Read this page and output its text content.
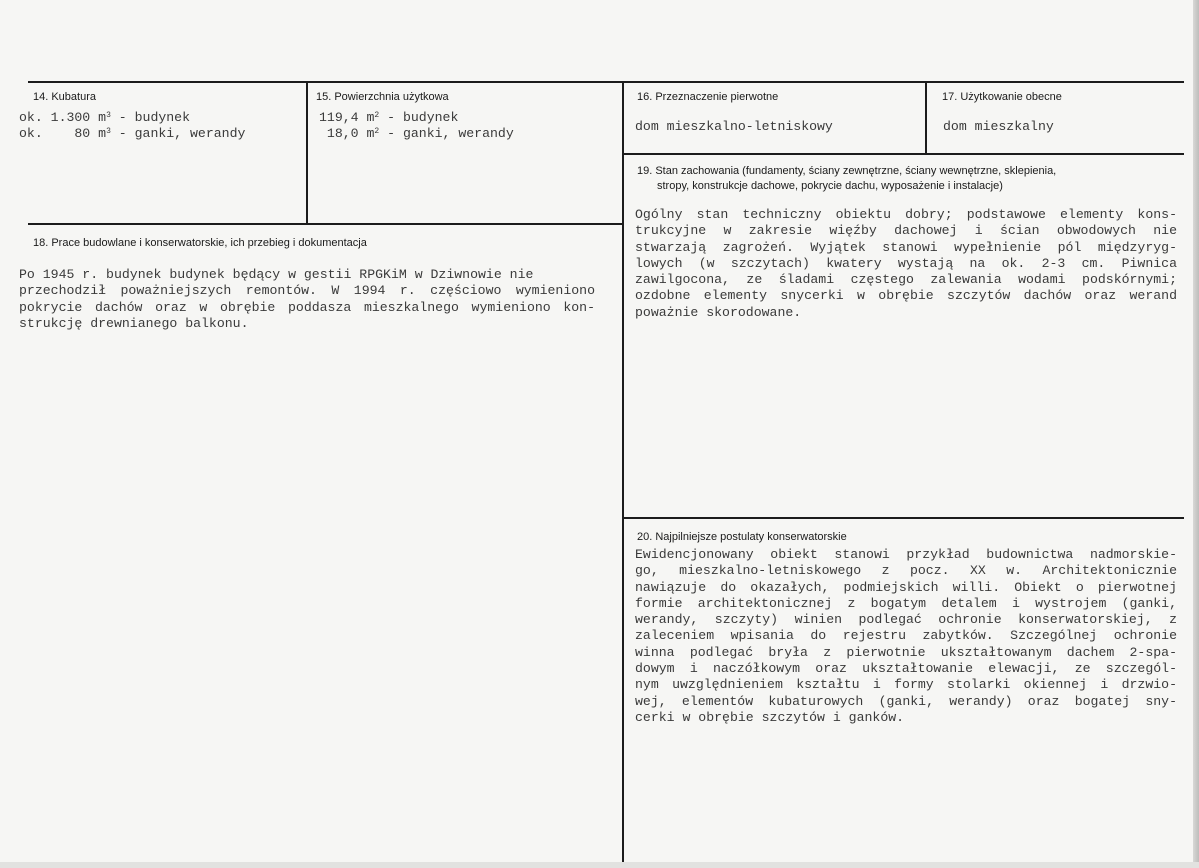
14. Kubatura
ok. 1.300 $m^3$ - budynek
ok.    80 $m^3$ - ganki, werandy
15. Powierzchnia użytkowa
119,4 $m^2$ - budynek
18,0 $m^2$ - ganki, werandy
16. Przeznaczenie pierwotne
dom mieszkalno-letniskowy
17. Użytkowanie obecne
dom mieszkalny
19. Stan zachowania (fundamenty, ściany zewnętrzne, ściany wewnętrzne, sklepienia,
stropy, konstrukcje dachowe, pokrycie dachu, wyposażenie i instalacje)
Ogólny stan techniczny obiektu dobry; podstawowe elementy kons-
trukcyjne w zakresie więźby dachowej i ścian obwodowych nie
stwarzają zagrożeń. Wyjątek stanowi wypełnienie pól międzyryg-
lowych (w szczytach) kwatery wystają na ok. 2-3 cm. Piwnica
zawilgocona, ze śladami częstego zalewania wodami podskórnymi;
ozdobne elementy snycerki w obrębie szczytów dachów oraz werand
poważnie skorodowane.
18. Prace budowlane i konserwatorskie, ich przebieg i dokumentacja
Po 1945 r. budynek budynek będący w gestii RPGKiM w Dziwnowie nie
przechodził poważniejszych remontów. W 1994 r. częściowo wymieniono
pokrycie dachów oraz w obrębie poddasza mieszkalnego wymieniono kon-
strukcję drewnianego balkonu.
20. Najpilniejsze postulaty konserwatorskie
Ewidencjonowany obiekt stanowi przykład budownictwa nadmorskie-
go, mieszkalno-letniskowego z pocz. XX w. Architektonicznie
nawiązuje do okazałych, podmiejskich willi. Obiekt o pierwotnej
formie architektonicznej z bogatym detalem i wystrojem (ganki,
werandy, szczyty) winien podlegać ochronie konserwatorskiej, z
zaleceniem wpisania do rejestru zabytków. Szczególnej ochronie
winna podlegać bryła z pierwotnie ukształtowanym dachem 2-spa-
dowym i naczółkowym oraz ukształtowanie elewacji, ze szczegól-
nym uwzględnieniem kształtu i formy stolarki okiennej i drzwio-
wej, elementów kubaturowych (ganki, werandy) oraz bogatej sny-
cerki w obrębie szczytów i ganków.
